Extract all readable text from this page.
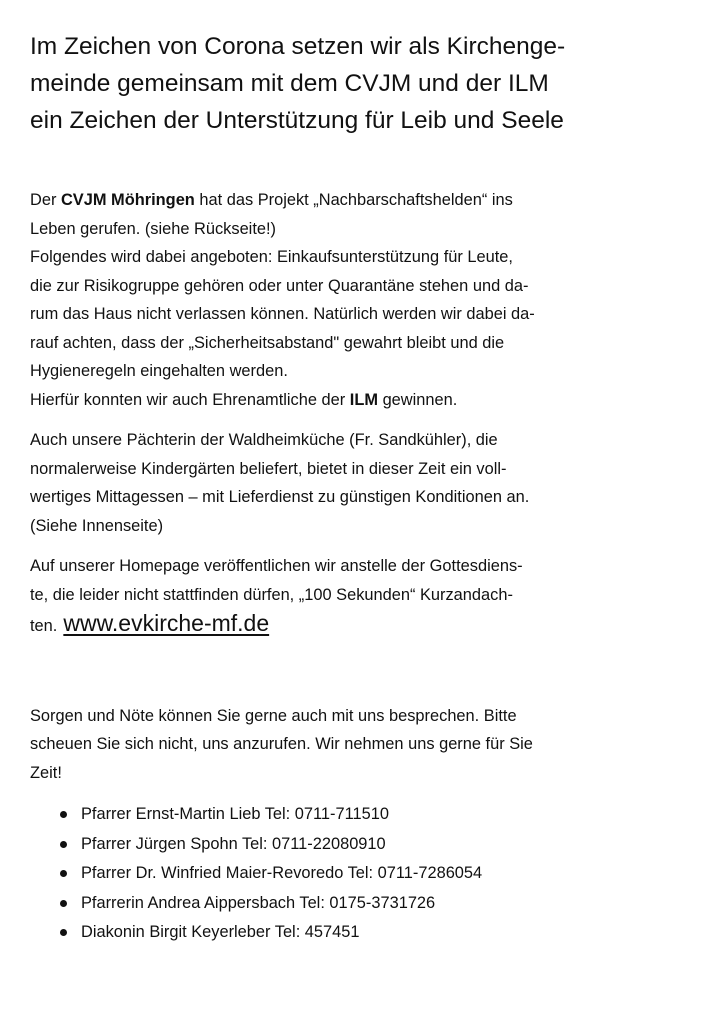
Im Zeichen von Corona setzen wir als Kirchenge-
meinde gemeinsam mit dem CVJM und der ILM
ein Zeichen der Unterstützung für Leib und Seele

Der CVJM Möhringen hat das Projekt „Nachbarschaftshelden“ ins
Leben gerufen. (siehe Rückseite!)
Folgendes wird dabei angeboten: Einkaufsunterstützung für Leute,
die zur Risikogruppe gehören oder unter Quarantäne stehen und da-
rum das Haus nicht verlassen können. Natürlich werden wir dabei da-
rauf achten, dass der „Sicherheitsabstand" gewahrt bleibt und die
Hygieneregeln eingehalten werden.
Hierfür konnten wir auch Ehrenamtliche der ILM gewinnen.

Auch unsere Pächterin der Waldheimküche (Fr. Sandkühler), die
normalerweise Kindergärten beliefert, bietet in dieser Zeit ein voll-
wertiges Mittagessen – mit Lieferdienst zu günstigen Konditionen an.
(Siehe Innenseite)

Auf unserer Homepage veröffentlichen wir anstelle der Gottesdiens-
te, die leider nicht stattfinden dürfen, „100 Sekunden“ Kurzandach-
ten. www.evkirche-mf.de

Sorgen und Nöte können Sie gerne auch mit uns besprechen. Bitte
scheuen Sie sich nicht, uns anzurufen. Wir nehmen uns gerne für Sie
Zeit!

Pfarrer Ernst-Martin Lieb Tel: 0711-711510
Pfarrer Jürgen Spohn Tel: 0711-22080910
Pfarrer Dr. Winfried Maier-Revoredo Tel: 0711-7286054
Pfarrerin Andrea Aippersbach Tel: 0175-3731726
Diakonin Birgit Keyerleber Tel: 457451
